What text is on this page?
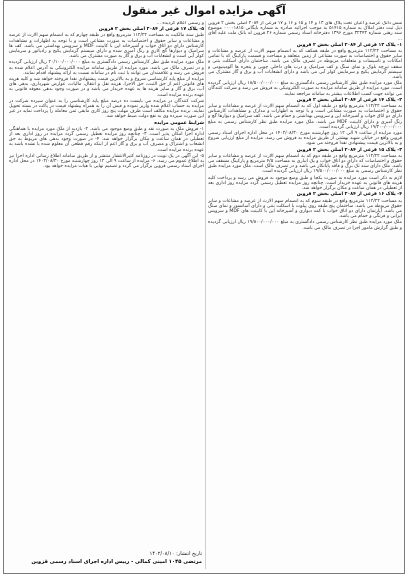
آگهی مزایده اموال غیر منقول

شش دانگ عرصه و اعیان تحت پلاک های ۱۳ و ۱۴ و ۱۵ و ۱۶ و ۱۷ فرعی از ۲۰۸۴ اصلی بخش ۲ قزوین ذیل ثبت دفتر املاک به شماره ۵۱۴۱۵ به موجب اجرائیه صادره به شماره بایگانی ۰۰۰۰۱۸۱۵ موضوع سند رهنی شماره ۳۲۳۴۳ مورخ ۱۳۹۶ دفترخانه اسناد رسمی شماره ۲۶ قزوین له بانک ملت علیه آقای ...

۱- پلاک ۱۳ فرعی از ۲۰۸۴ اصلی بخش ۲ قزوین

به مساحت ۱۱۲/۲۲ مترمربع واقع در طبقه همکف که به انضمام سهم الارث از عرصه و مشاعات و سایر حقوق و اختصاصات به صورت مشاعی از زمین متعلقه و مساحت و قسمت پارکینگ که با تمامی امکانات و تاسیسات و متعلقات مربوطه در تصرف مالک می باشد. ساختمان دارای اسکلت بتنی و سقف تیرچه بلوک و نمای سنگ و کف سرامیک و درب های داخلی چوبی و پنجره ها آلومینیومی و سیستم گرمایش پکیج و سرمایش کولر آبی می باشد و دارای انشعابات آب و برق و گاز مشترک می باشد.

ملک مورد مزایده طبق نظر کارشناس رسمی دادگستری به مبلغ ۱۸/۵۰۰/۰۰۰/۰۰۰ ریال ارزیابی گردیده است. مورد مزایده از طریق سامانه مزایده به صورت الکترونیکی به فروش می رسد و شرکت کنندگان می توانند جهت کسب اطلاعات بیشتر به سامانه مراجعه نمایند.

۲- پلاک ۱۴ فرعی از ۲۰۸۴ اصلی بخش ۲ قزوین

به مساحت ۱۱۲/۲۲ مترمربع واقع در طبقه اول که به انضمام سهم الارث از عرصه و مشاعات و سایر حقوق و اختصاصات به صورت مشاعی است و با توجه به اظهارات و مدارک و مشاهدات کارشناس دارای دو اتاق خواب و آشپزخانه اپن و سرویس بهداشتی و حمام می باشد. کف سرامیک و دیوارها گچ و رنگ آمیزی و دارای کابینت MDF می باشد. ملک مورد مزایده طبق نظر کارشناس رسمی به مبلغ ۱۹/۲۰۰/۰۰۰/۰۰۰ ریال ارزیابی گردیده است.

مورد مزایده از ساعت ۹ الی ۱۲ روز چهارشنبه مورخ ۱۴۰۲/۰۸/۳۰ در محل اداره اجرای اسناد رسمی قزوین واقع در خیابان شهید بهشتی از طریق مزایده به فروش می رسد. مزایده از مبلغ ارزیابی شروع و به بالاترین قیمت پیشنهادی نقدا فروخته می شود.

۳- پلاک ۱۵ فرعی از ۲۰۸۴ اصلی بخش ۲ قزوین

به مساحت ۱۱۲/۲۲ مترمربع واقع در طبقه دوم که به انضمام سهم الارث از عرصه و مشاعات و سایر حقوق و اختصاصات که دارای دو اتاق خواب و یک انباری به مساحت ۴/۵ مترمربع و پارکینگ مسقف می باشد. ملک دارای سند تک برگ و فاقد پایانکار می باشد و در تصرف مالک است. ملک مورد مزایده طبق نظر کارشناس رسمی به مبلغ ۱۹/۵۰۰/۰۰۰/۰۰۰ ریال ارزیابی گردیده است.

لازم به ذکر است مورد مزایده به صورت یکجا و طبق وضع موجود به فروش می رسد و پرداخت کلیه هزینه های قانونی به عهده خریدار است. چنانچه روز مزایده تعطیل رسمی گردد مزایده روز اداری بعد از تعطیلی در همان ساعت و مکان برگزار خواهد شد.

۴- پلاک ۱۶ فرعی از ۲۰۸۴ اصلی بخش ۲ قزوین

به مساحت ۱۱۲/۲۲ مترمربع واقع در طبقه سوم که به انضمام سهم الارث از عرصه و مشاعات و سایر حقوق مربوطه می باشد. ساختمان پنج طبقه روی پیلوت با اسکلت بتنی و دارای آسانسور و نمای سنگ می باشد. آپارتمان دارای دو اتاق خواب با کمد دیواری و آشپزخانه اپن با کابینت های MDF و سرویس ایرانی و فرنگی و حمام می باشد.

ملک مورد مزایده طبق نظر کارشناس رسمی دادگستری به مبلغ ۱۹/۸۰۰/۰۰۰/۰۰۰ ریال ارزیابی گردیده و طبق گزارش مامور اجرا در تصرف مالک می باشد.

و رسمی اعلام گردیده ...

۵- پلاک ۱۷ فرعی از ۲۰۸۴ اصلی بخش ۲ قزوین

طبق سند مالکیت به مساحت ۱۱۲/۲۲ مترمربع واقع در طبقه چهارم که به انضمام سهم الارث از عرصه و مشاعات و سایر حقوق و اختصاصات به صورت مشاعی است و با توجه به اظهارات و مشاهدات کارشناس دارای دو اتاق خواب و آشپزخانه اپن با کابینت MDF و سرویس بهداشتی می باشد. کف ها سرامیک و دیوارها گچ کاری و رنگ آمیزی شده و دارای سیستم گرمایش پکیج و رادیاتور و سرمایش کولر آبی است و انشعابات آب و برق و گاز به صورت مشترک می باشد.

ملک مورد مزایده طبق نظر کارشناس رسمی دادگستری به مبلغ ۲۰/۱۰۰/۰۰۰/۰۰۰ ریال ارزیابی گردیده و در تصرف مالک می باشد. مورد مزایده از طریق سامانه مزایده الکترونیکی به آدرس اعلام شده به فروش می رسد و علاقمندان می توانند با ثبت نام در سامانه نسبت به ارائه پیشنهاد اقدام نمایند.

مزایده از مبلغ پایه کارشناسی شروع و به بالاترین قیمت پیشنهادی نقدا فروخته خواهد شد و کلیه هزینه های قانونی اعم از حق الثبت، حق الاجرا، هزینه نقل و انتقال، مالیات، عوارض شهرداری، بدهی های آب، برق و گاز و سایر هزینه ها به عهده خریدار می باشد و در صورت وجود بدهی معوقه قانونی به عهده برنده مزایده است.

شرکت کنندگان در مزایده می بایست ده درصد مبلغ پایه کارشناسی را به عنوان سپرده شرکت در مزایده به حساب اعلام شده واریز نموده و فیش آن را به همراه پیشنهاد قیمت در پاکت در بسته تحویل نمایند. برنده مزایده مکلف است ظرف مهلت پنج روز کاری مابقی ثمن معامله را پرداخت نماید در غیر این صورت سپرده وی به نفع دولت ضبط خواهد شد.

شرایط عمومی مزایده

۱- فروش ملک به صورت نقد و طبق وضع موجود می باشد. ۲- بازدید از ملک مورد مزایده با هماهنگی اداره اجرا امکان پذیر است. ۳- چنانچه روز مزایده تعطیل رسمی گردد مزایده در روز اداری بعد از تعطیلی در همان ساعت و مکان برگزار خواهد شد. ۴- در صورت وجود بدهی های مربوط به حق انشعاب و اشتراک و مصرف آب و برق و گاز اعم از اینکه رقم قطعی آن معلوم شده یا نشده باشد به عهده برنده مزایده است.

۵- این آگهی در یک نوبت در روزنامه کثیرالانتشار منتشر و از طریق سامانه اطلاع رسانی اداره اجرا نیز به اطلاع عموم می رسد. ۶- مزایده از ساعت ۹ الی ۱۲ روز چهارشنبه مورخ ۱۴۰۲/۰۸/۳۰ در محل اداره اجرای اسناد رسمی قزوین برگزار می گردد و تصمیم نهایی با هیات مزایده خواهد بود.

تاریخ انتشار: ۱۴۰۲/۰۸/۱۰
مرتضی ۱۰۴۵ امینی کمالی - رییس اداره اجرای اسناد رسمی قزوین
